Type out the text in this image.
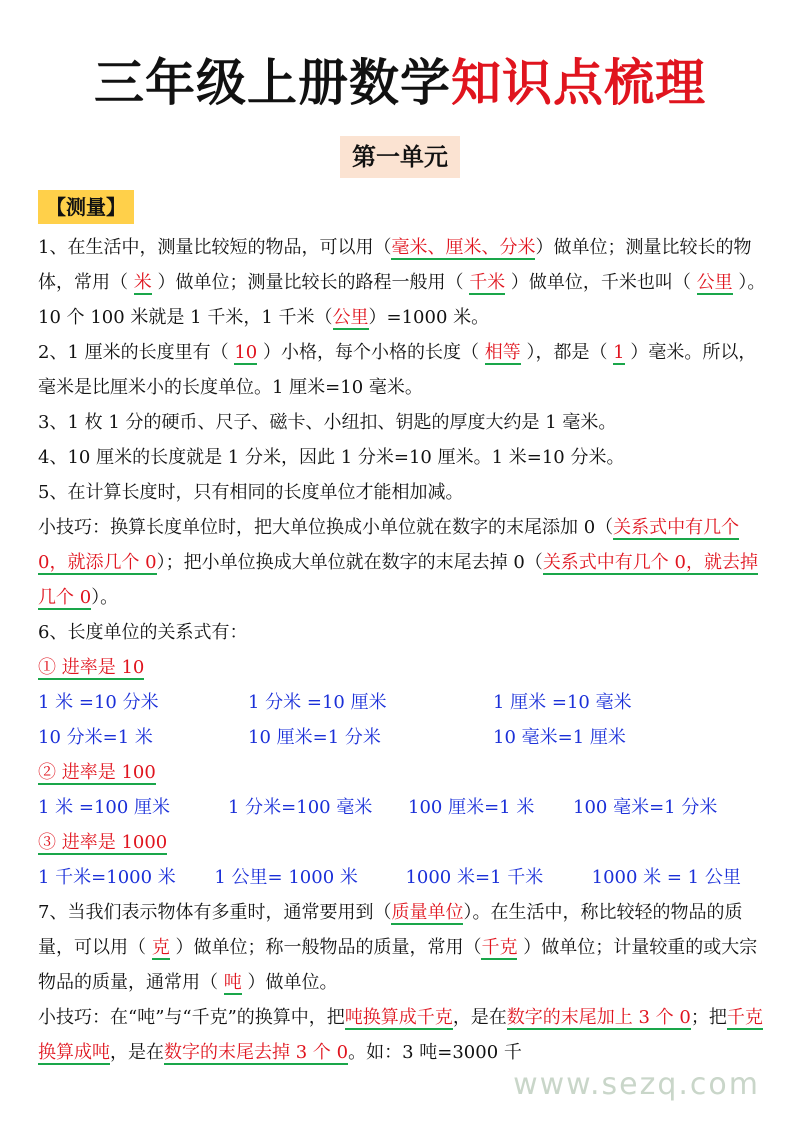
三年级上册数学知识点梳理
第一单元
【测量】

1、在生活中，测量比较短的物品，可以用（毫米、厘米、分米）做单位；测量比较长的物体，常用（ 米 ）做单位；测量比较长的路程一般用（ 千米 ）做单位，千米也叫（ 公里 ）。10 个 100 米就是 1 千米，1 千米（公里）=1000 米。

2、1 厘米的长度里有（ 10 ）小格，每个小格的长度（ 相等 ），都是（ 1 ）毫米。所以，毫米是比厘米小的长度单位。1 厘米=10 毫米。

3、1 枚 1 分的硬币、尺子、磁卡、小纽扣、钥匙的厚度大约是 1 毫米。

4、10 厘米的长度就是 1 分米，因此 1 分米=10 厘米。1 米=10 分米。

5、在计算长度时，只有相同的长度单位才能相加减。

小技巧：换算长度单位时，把大单位换成小单位就在数字的末尾添加 0（关系式中有几个 0，就添几个 0）；把小单位换成大单位就在数字的末尾去掉 0（关系式中有几个 0，就去掉几个 0）。

6、长度单位的关系式有：

① 进率是 10

1 米 =10 分米	1 分米 =10 厘米	1 厘米 =10 毫米
10 分米=1 米	10 厘米=1 分米	10 毫米=1 厘米

② 进率是 100

1 米 =100 厘米	1 分米=100 毫米	100 厘米=1 米	100 毫米=1 分米

③ 进率是 1000

1 千米=1000 米	1 公里= 1000 米	1000 米=1 千米	1000 米 = 1 公里

7、当我们表示物体有多重时，通常要用到（质量单位）。在生活中，称比较轻的物品的质量，可以用（ 克 ）做单位；称一般物品的质量，常用（千克 ）做单位；计量较重的或大宗物品的质量，通常用（ 吨 ）做单位。

小技巧：在“吨”与“千克”的换算中，把吨换算成千克，是在数字的末尾加上 3 个 0；把千克换算成吨，是在数字的末尾去掉 3 个 0。如：3 吨=3000 千

www.sezq.com
